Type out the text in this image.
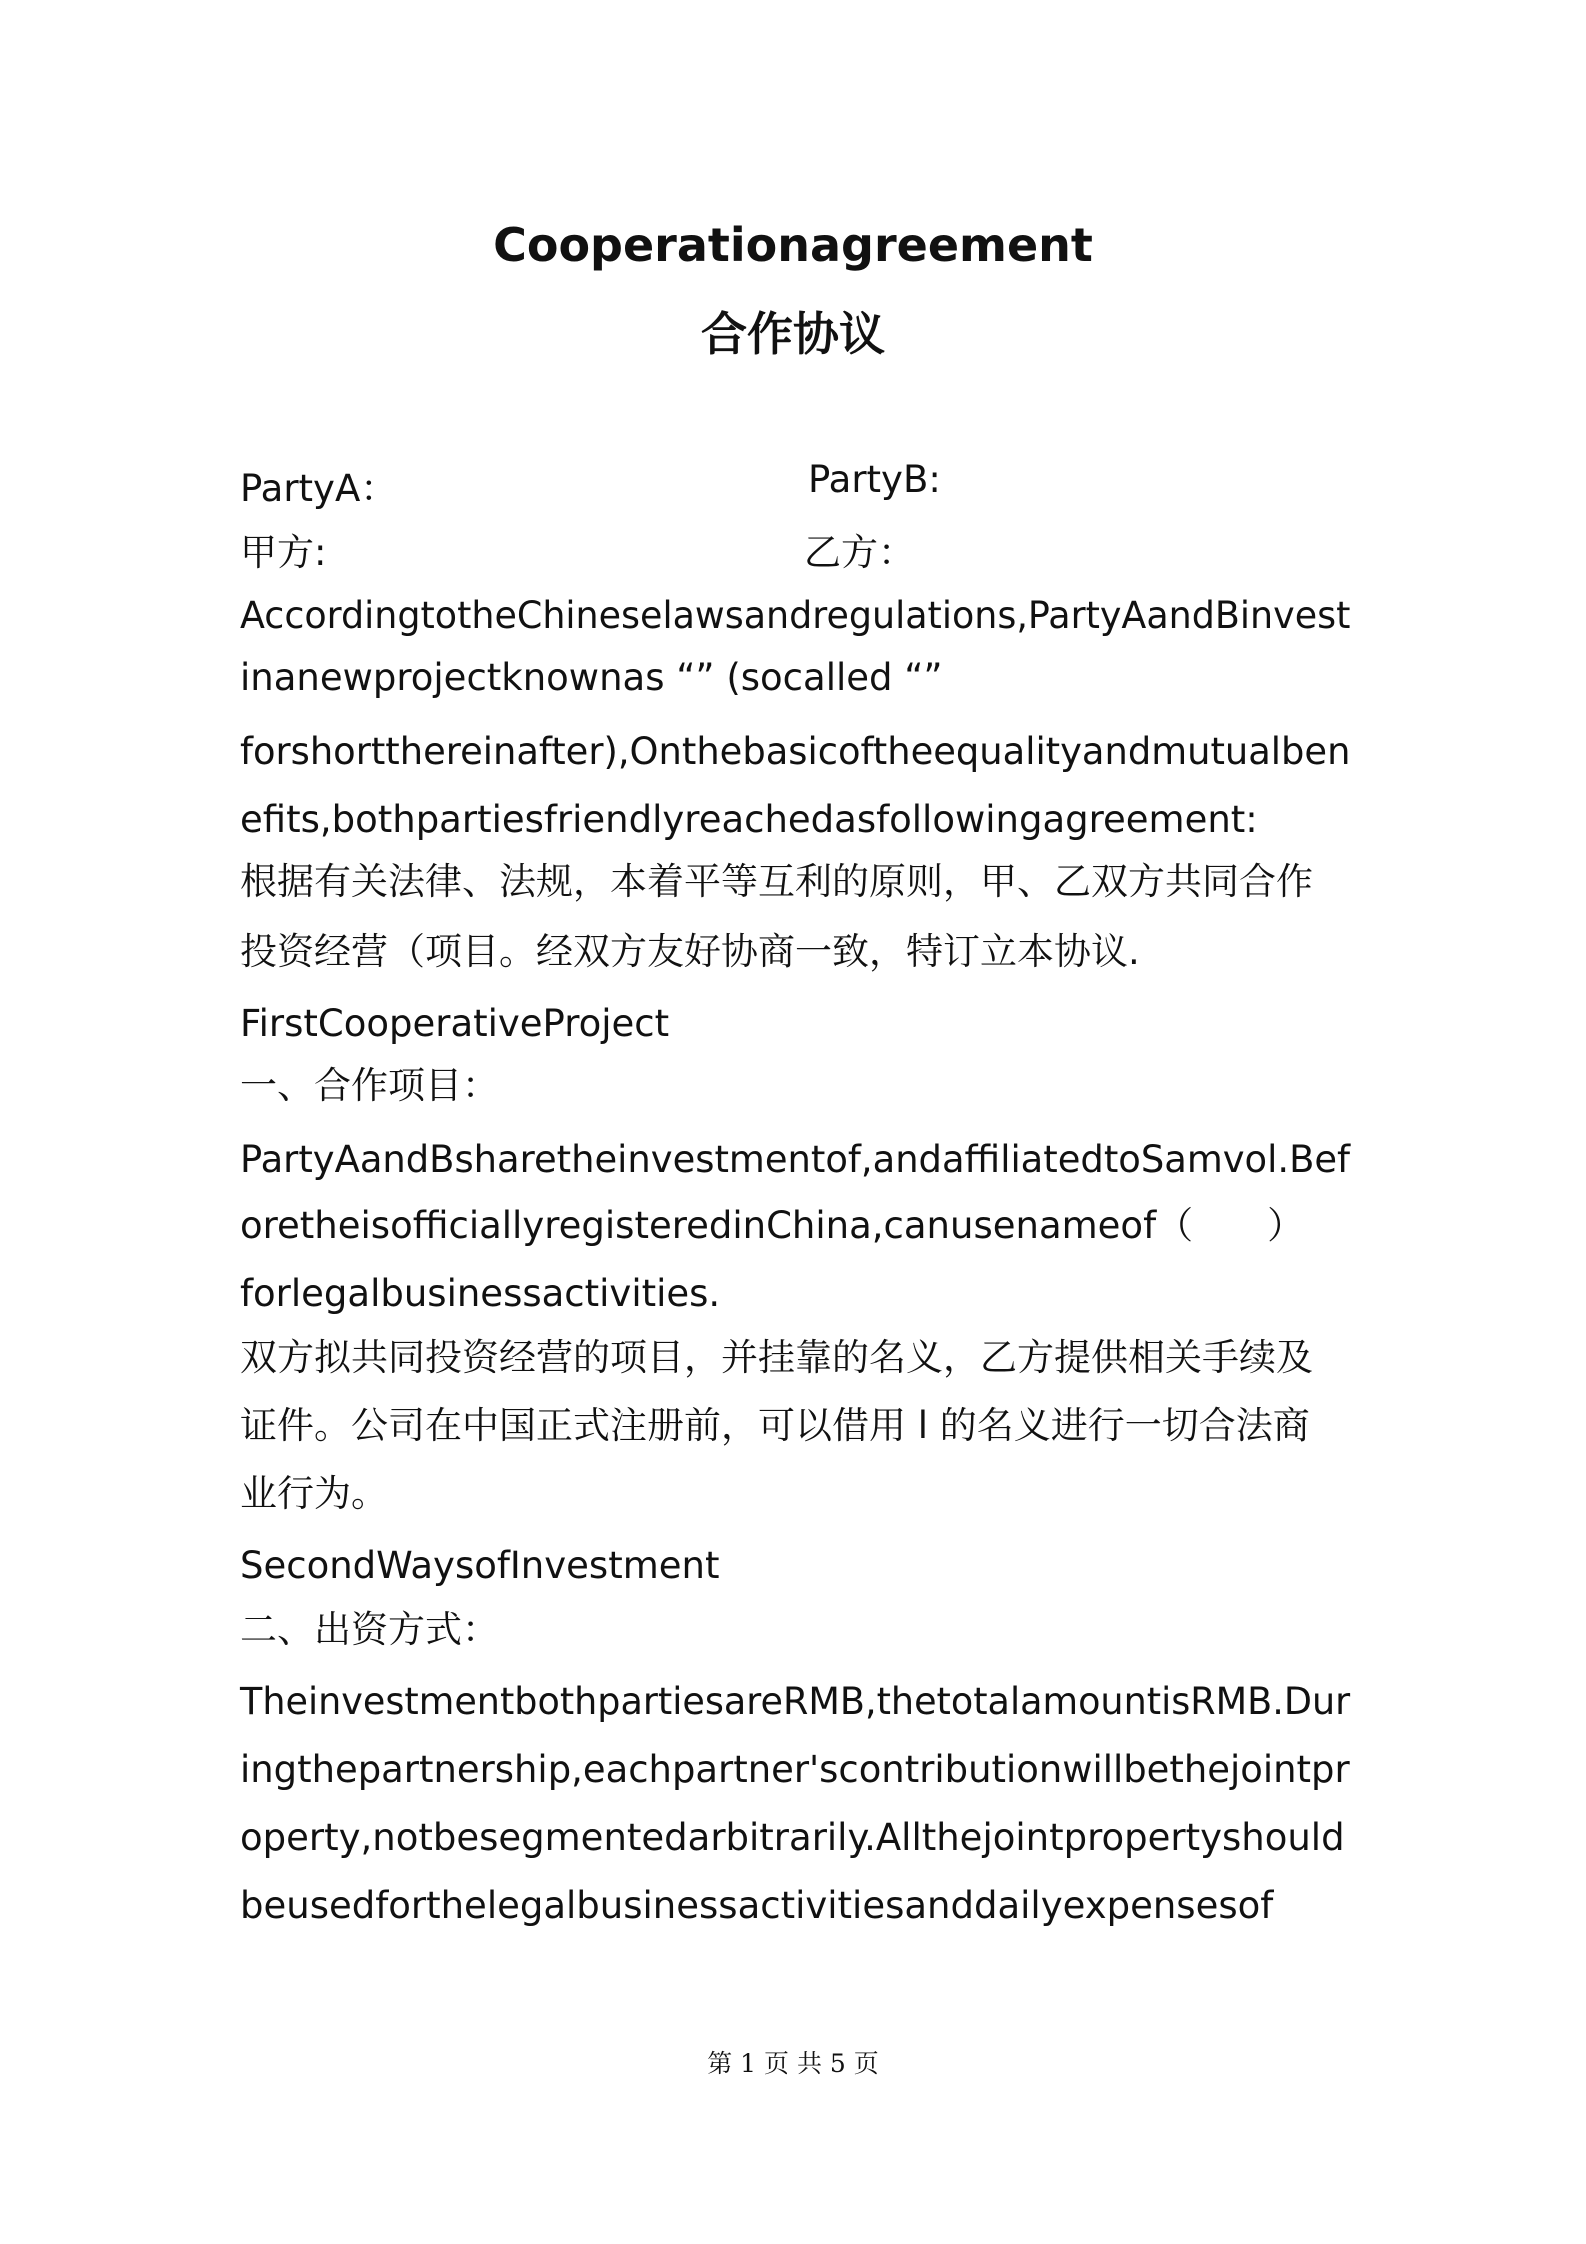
Cooperationagreement
合作协议
PartyA：	PartyB:
甲方:	乙方：
AccordingtotheChineselawsandregulations,PartyAandBinvest
inanewprojectknownas “” (socalled “”
forshortthereinafter),Onthebasicoftheequalityandmutualben
efits,bothpartiesfriendlyreachedasfollowingagreement:
根据有关法律、法规，本着平等互利的原则，甲、乙双方共同合作
投资经营（项目。经双方友好协商一致，特订立本协议.
FirstCooperativeProject
一、合作项目：
PartyAandBsharetheinvestmentof,andaffiliatedtoSamvol.Bef
oretheisofficiallyregisteredinChina,canusenameof（　　）
forlegalbusinessactivities.
双方拟共同投资经营的项目，并挂靠的名义，乙方提供相关手续及
证件。公司在中国正式注册前，可以借用 l 的名义进行一切合法商
业行为。
SecondWaysofInvestment
二、出资方式：
TheinvestmentbothpartiesareRMB,thetotalamountisRMB.Dur
ingthepartnership,eachpartner'scontributionwillbethejointpr
operty,notbesegmentedarbitrarily.Allthejointpropertyshould
beusedforthelegalbusinessactivitiesanddailyexpensesof
第 1 页 共 5 页
